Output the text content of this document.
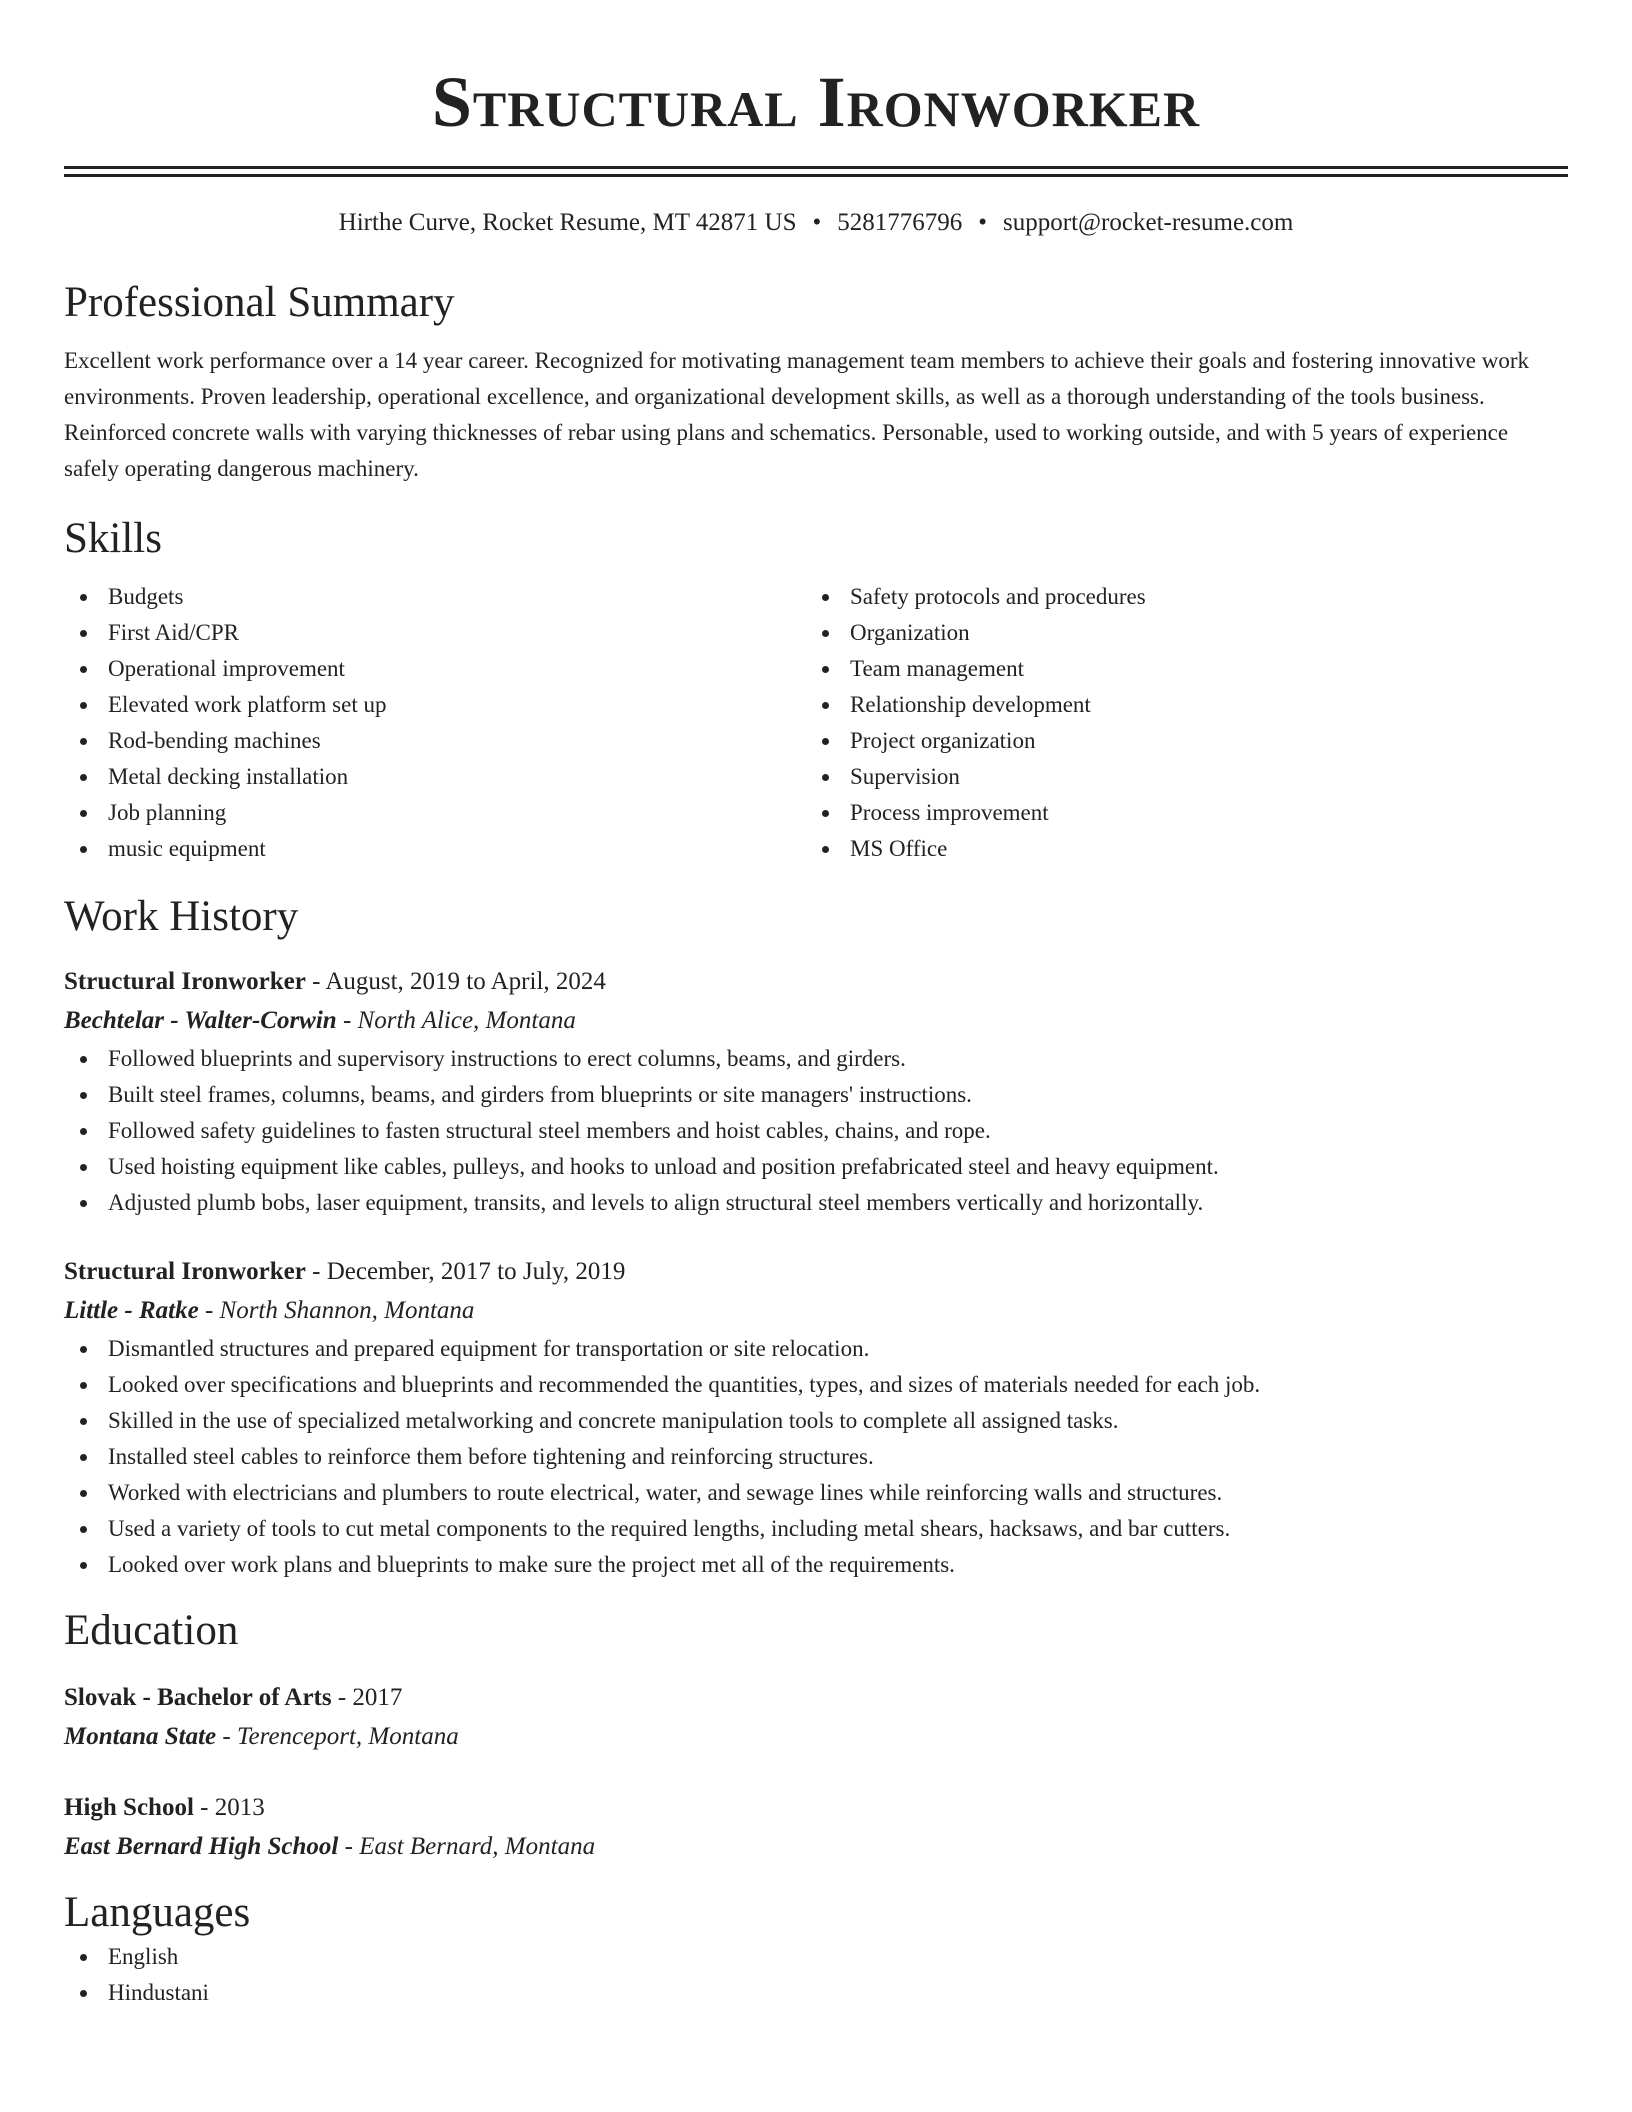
Structural Ironworker
Hirthe Curve, Rocket Resume, MT 42871 US • 5281776796 • support@rocket-resume.com
Professional Summary
Excellent work performance over a 14 year career. Recognized for motivating management team members to achieve their goals and fostering innovative work environments. Proven leadership, operational excellence, and organizational development skills, as well as a thorough understanding of the tools business. Reinforced concrete walls with varying thicknesses of rebar using plans and schematics. Personable, used to working outside, and with 5 years of experience safely operating dangerous machinery.
Skills
Budgets
First Aid/CPR
Operational improvement
Elevated work platform set up
Rod-bending machines
Metal decking installation
Job planning
music equipment
Safety protocols and procedures
Organization
Team management
Relationship development
Project organization
Supervision
Process improvement
MS Office
Work History
Structural Ironworker - August, 2019 to April, 2024
Bechtelar - Walter-Corwin - North Alice, Montana
Followed blueprints and supervisory instructions to erect columns, beams, and girders.
Built steel frames, columns, beams, and girders from blueprints or site managers' instructions.
Followed safety guidelines to fasten structural steel members and hoist cables, chains, and rope.
Used hoisting equipment like cables, pulleys, and hooks to unload and position prefabricated steel and heavy equipment.
Adjusted plumb bobs, laser equipment, transits, and levels to align structural steel members vertically and horizontally.
Structural Ironworker - December, 2017 to July, 2019
Little - Ratke - North Shannon, Montana
Dismantled structures and prepared equipment for transportation or site relocation.
Looked over specifications and blueprints and recommended the quantities, types, and sizes of materials needed for each job.
Skilled in the use of specialized metalworking and concrete manipulation tools to complete all assigned tasks.
Installed steel cables to reinforce them before tightening and reinforcing structures.
Worked with electricians and plumbers to route electrical, water, and sewage lines while reinforcing walls and structures.
Used a variety of tools to cut metal components to the required lengths, including metal shears, hacksaws, and bar cutters.
Looked over work plans and blueprints to make sure the project met all of the requirements.
Education
Slovak - Bachelor of Arts - 2017
Montana State - Terenceport, Montana
High School - 2013
East Bernard High School - East Bernard, Montana
Languages
English
Hindustani
